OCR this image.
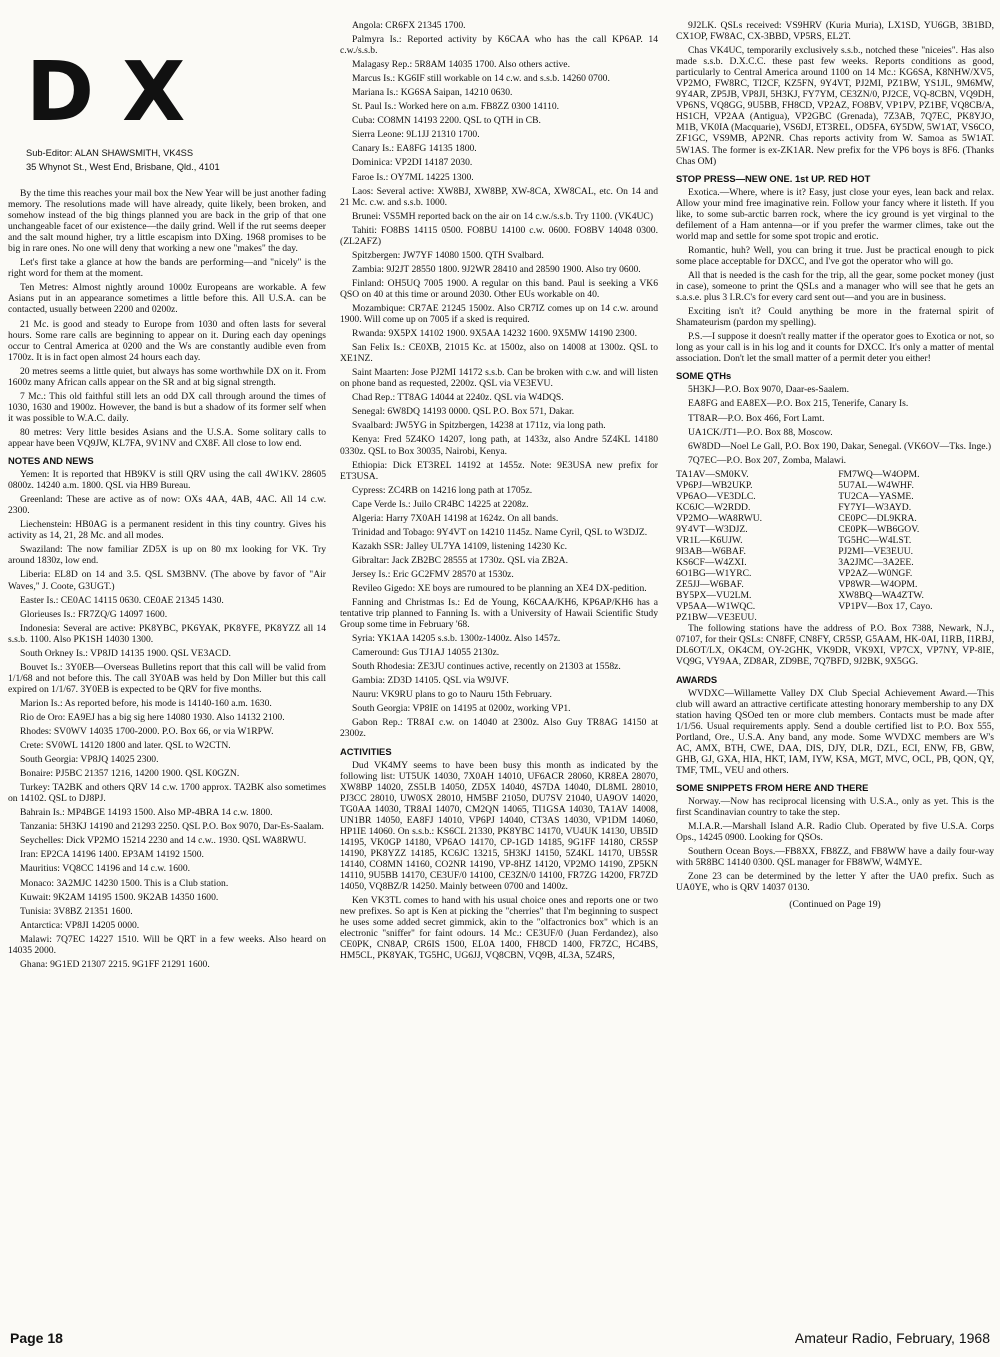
DX
Sub-Editor: ALAN SHAWSMITH, VK4SS
35 Whynot St., West End, Brisbane, Qld., 4101

By the time this reaches your mail box the New Year will be just another fading memory. The resolutions made will have already, quite likely, been broken, and somehow instead of the big things planned you are back in the grip of that one unchangeable facet of our existence—the daily grind. Well if the rut seems deeper and the salt mound higher, try a little escapism into DXing. 1968 promises to be big in rare ones. No one will deny that working a new one "makes" the day.

Let's first take a glance at how the bands are performing—and "nicely" is the right word for them at the moment.

Ten Metres: Almost nightly around 1000z Europeans are workable. A few Asians put in an appearance sometimes a little before this. All U.S.A. can be contacted, usually between 2200 and 0200z.

21 Mc. is good and steady to Europe from 1030 and often lasts for several hours. Some rare calls are beginning to appear on it. During each day openings occur to Central America at 0200 and the Ws are constantly audible even from 1700z. It is in fact open almost 24 hours each day.

20 metres seems a little quiet, but always has some worthwhile DX on it. From 1600z many African calls appear on the SR and at big signal strength.

7 Mc.: This old faithful still lets an odd DX call through around the times of 1030, 1630 and 1900z. However, the band is but a shadow of its former self when it was possible to W.A.C. daily.

80 metres: Very little besides Asians and the U.S.A. Some solitary calls to appear have been VQ9JW, KL7FA, 9V1NV and CX8F. All close to low end.

NOTES AND NEWS

Yemen: It is reported that HB9KV is still QRV using the call 4W1KV. 28605 0800z. 14240 a.m. 1800. QSL via HB9 Bureau.

Greenland: These are active as of now: OXs 4AA, 4AB, 4AC. All 14 c.w. 2300.

Liechenstein: HB0AG is a permanent resident in this tiny country. Gives his activity as 14, 21, 28 Mc. and all modes.

Swaziland: The now familiar ZD5X is up on 80 mx looking for VK. Try around 1830z, low end.

Liberia: EL8D on 14 and 3.5. QSL SM3BNV. (The above by favor of "Air Waves," J. Coote, G3UGT.)

Easter Is.: CE0AC 14115 0630. CE0AE 21345 1430.

Glorieuses Is.: FR7ZQ/G 14097 1600.

Indonesia: Several are active: PK8YBC, PK6YAK, PK8YFE, PK8YZZ all 14 s.s.b. 1100. Also PK1SH 14030 1300.

South Orkney Is.: VP8JD 14135 1900. QSL VE3ACD.

Bouvet Is.: 3Y0EB—Overseas Bulletins report that this call will be valid from 1/1/68 and not before this. The call 3Y0AB was held by Don Miller but this call expired on 1/1/67. 3Y0EB is expected to be QRV for five months.

Marion Is.: As reported before, his mode is 14140-160 a.m. 1630.

Rio de Oro: EA9EJ has a big sig here 14080 1930. Also 14132 2100.

Rhodes: SV0WV 14035 1700-2000. P.O. Box 66, or via W1RPW.

Crete: SV0WL 14120 1800 and later. QSL to W2CTN.

South Georgia: VP8JQ 14025 2300.

Bonaire: PJ5BC 21357 1216, 14200 1900. QSL K0GZN.

Turkey: TA2BK and others QRV 14 c.w. 1700 approx. TA2BK also sometimes on 14102. QSL to DJ8PJ.

Bahrain Is.: MP4BGE 14193 1500. Also MP-4BRA 14 c.w. 1800.

Tanzania: 5H3KJ 14190 and 21293 2250. QSL P.O. Box 9070, Dar-Es-Saalam.

Seychelles: Dick VP2MO 15214 2230 and 14 c.w.. 1930. QSL WA8RWU.

Iran: EP2CA 14196 1400. EP3AM 14192 1500.

Mauritius: VQ8CC 14196 and 14 c.w. 1600.

Monaco: 3A2MJC 14230 1500. This is a Club station.

Kuwait: 9K2AM 14195 1500. 9K2AB 14350 1600.

Tunisia: 3V8BZ 21351 1600.

Antarctica: VP8JI 14205 0000.

Malawi: 7Q7EC 14227 1510. Will be QRT in a few weeks. Also heard on 14035 2000.

Ghana: 9G1ED 21307 2215. 9G1FF 21291 1600.

Angola: CR6FX 21345 1700.

Palmyra Is.: Reported activity by K6CAA who has the call KP6AP. 14 c.w./s.s.b.

Malagasy Rep.: 5R8AM 14035 1700. Also others active.

Marcus Is.: KG6IF still workable on 14 c.w. and s.s.b. 14260 0700.

Mariana Is.: KG6SA Saipan, 14210 0630.

St. Paul Is.: Worked here on a.m. FB8ZZ 0300 14110.

Cuba: CO8MN 14193 2200. QSL to QTH in CB.

Sierra Leone: 9L1JJ 21310 1700.

Canary Is.: EA8FG 14135 1800.

Dominica: VP2DI 14187 2030.

Faroe Is.: OY7ML 14225 1300.

Laos: Several active: XW8BJ, XW8BP, XW-8CA, XW8CAL, etc. On 14 and 21 Mc. c.w. and s.s.b. 1000.

Brunei: VS5MH reported back on the air on 14 c.w./s.s.b. Try 1100. (VK4UC)

Tahiti: FO8BS 14115 0500. FO8BU 14100 c.w. 0600. FO8BV 14048 0300. (ZL2AFZ)

Spitzbergen: JW7YF 14080 1500. QTH Svalbard.

Zambia: 9J2JT 28550 1800. 9J2WR 28410 and 28590 1900. Also try 0600.

Finland: OH5UQ 7005 1900. A regular on this band. Paul is seeking a VK6 QSO on 40 at this time or around 2030. Other EUs workable on 40.

Mozambique: CR7AE 21245 1500z. Also CR7IZ comes up on 14 c.w. around 1900. Will come up on 7005 if a sked is required.

Rwanda: 9X5PX 14102 1900. 9X5AA 14232 1600. 9X5MW 14190 2300.

San Felix Is.: CE0XB, 21015 Kc. at 1500z, also on 14008 at 1300z. QSL to XE1NZ.

Saint Maarten: Jose PJ2MI 14172 s.s.b. Can be broken with c.w. and will listen on phone band as requested, 2200z. QSL via VE3EVU.

Chad Rep.: TT8AG 14044 at 2240z. QSL via W4DQS.

Senegal: 6W8DQ 14193 0000. QSL P.O. Box 571, Dakar.

Svaalbard: JW5YG in Spitzbergen, 14238 at 1711z, via long path.

Kenya: Fred 5Z4KO 14207, long path, at 1433z, also Andre 5Z4KL 14180 0330z. QSL to Box 30035, Nairobi, Kenya.

Ethiopia: Dick ET3REL 14192 at 1455z. Note: 9E3USA new prefix for ET3USA.

Cypress: ZC4RB on 14216 long path at 1705z.

Cape Verde Is.: Juilo CR4BC 14225 at 2208z.

Algeria: Harry 7X0AH 14198 at 1624z. On all bands.

Trinidad and Tobago: 9Y4VT on 14210 1145z. Name Cyril, QSL to W3DJZ.

Kazakh SSR: Jalley UL7YA 14109, listening 14230 Kc.

Gibraltar: Jack ZB2BC 28555 at 1730z. QSL via ZB2A.

Jersey Is.: Eric GC2FMV 28570 at 1530z.

Revileo Gigedo: XE boys are rumoured to be planning an XE4 DX-pedition.

Fanning and Christmas Is.: Ed de Young, K6CAA/KH6, KP6AP/KH6 has a tentative trip planned to Fanning Is. with a University of Hawaii Scientific Study Group some time in February '68.

Syria: YK1AA 14205 s.s.b. 1300z-1400z. Also 1457z.

Cameround: Gus TJ1AJ 14055 2130z.

South Rhodesia: ZE3JU continues active, recently on 21303 at 1558z.

Gambia: ZD3D 14105. QSL via W9JVF.

Nauru: VK9RU plans to go to Nauru 15th February.

South Georgia: VP8IE on 14195 at 0200z, working VP1.

Gabon Rep.: TR8AI c.w. on 14040 at 2300z. Also Guy TR8AG 14150 at 2300z.

ACTIVITIES

Dud VK4MY seems to have been busy this month as indicated by the following list: UT5UK 14030, 7X0AH 14010, UF6ACR 28060, KR8EA 28070, XW8BP 14020, ZS5LB 14050, ZD5X 14040, 4S7DA 14040, DL8ML 28010, PJ3CC 28010, UW0SX 28010, HM5BF 21050, DU7SV 21040, UA9OV 14020, TG0AA 14030, TR8AI 14070, CM2QN 14065, TI1GSA 14030, TA1AV 14008, UN1BR 14050, EA8FJ 14010, VP6PJ 14040, CT3AS 14030, VP1DM 14060, HP1IE 14060. On s.s.b.: KS6CL 21330, PK8YBC 14170, VU4UK 14130, UB5ID 14195, VK0GP 14180, VP6AO 14170, CP-1GD 14185, 9G1FF 14180, CR5SP 14190, PK8YZZ 14185, KC6JC 13215, 5H3KJ 14150, 5Z4KL 14170, UB5SR 14140, CO8MN 14160, CO2NR 14190, VP-8HZ 14120, VP2MO 14190, ZP5KN 14110, 9U5BB 14170, CE3UF/0 14100, CE3ZN/0 14100, FR7ZG 14200, FR7ZD 14050, VQ8BZ/R 14250. Mainly between 0700 and 1400z.

Ken VK3TL comes to hand with his usual choice ones and reports one or two new prefixes. So apt is Ken at picking the "cherries" that I'm beginning to suspect he uses some added secret gimmick, akin to the "olfactronics box" which is an electronic "sniffer" for faint odours. 14 Mc.: CE3UF/0 (Juan Ferdandez), also CE0PK, CN8AP, CR6IS 1500, EL0A 1400, FH8CD 1400, FR7ZC, HC4BS, HM5CL, PK8YAK, TG5HC, UG6JJ, VQ8CBN, VQ9B, 4L3A, 5Z4RS,

9J2LK. QSLs received: VS9HRV (Kuria Muria), LX1SD, YU6GB, 3B1BD, CX1OP, FW8AC, CX-3BBD, VP5RS, EL2T.

Chas VK4UC, temporarily exclusively s.s.b., notched these "niceies". Has also made s.s.b. D.X.C.C. these past few weeks. Reports conditions as good, particularly to Central America around 1100 on 14 Mc.: KG6SA, K8NHW/XV5, VP2MO, FW8RC, TI2CF, KZ5FN, 9Y4VT, PJ2MI, PZ1BW, YS1JL, 9M6MW, 9Y4AR, ZP5JB, VP8JI, 5H3KJ, FY7YM, CE3ZN/0, PJ2CE, VQ-8CBN, VQ9DH, VP6NS, VQ8GG, 9U5BB, FH8CD, VP2AZ, FO8BV, VP1PV, PZ1BF, VQ8CB/A, HS1CH, VP2AA (Antigua), VP2GBC (Grenada), 7Z3AB, 7Q7EC, PK8YJO, M1B, VK0IA (Macquarie), VS6DJ, ET3REL, OD5FA, 6Y5DW, 5W1AT, VS6CO, ZF1GC, VS9MB, AP2NR. Chas reports activity from W. Samoa as 5W1AT. 5W1AS. The former is ex-ZK1AR. New prefix for the VP6 boys is 8F6. (Thanks Chas OM)

STOP PRESS—NEW ONE. 1st UP. RED HOT

Exotica.—Where, where is it? Easy, just close your eyes, lean back and relax. Allow your mind free imaginative rein. Follow your fancy where it listeth. If you like, to some sub-arctic barren rock, where the icy ground is yet virginal to the defilement of a Ham antenna—or if you prefer the warmer climes, take out the world map and settle for some spot tropic and erotic.

Romantic, huh? Well, you can bring it true. Just be practical enough to pick some place acceptable for DXCC, and I've got the operator who will go.

All that is needed is the cash for the trip, all the gear, some pocket money (just in case), someone to print the QSLs and a manager who will see that he gets an s.a.s.e. plus 3 I.R.C's for every card sent out—and you are in business.

Exciting isn't it? Could anything be more in the fraternal spirit of Shamateurism (pardon my spelling).

P.S.—I suppose it doesn't really matter if the operator goes to Exotica or not, so long as your call is in his log and it counts for DXCC. It's only a matter of mental association. Don't let the small matter of a permit deter you either!

SOME QTHs

5H3KJ—P.O. Box 9070, Daar-es-Saalem.

EA8FG and EA8EX—P.O. Box 215, Tenerife, Canary Is.

TT8AR—P.O. Box 466, Fort Lamt.

UA1CK/JT1—P.O. Box 88, Moscow.

6W8DD—Noel Le Gall, P.O. Box 190, Dakar, Senegal. (VK6OV—Tks. Inge.)

7Q7EC—P.O. Box 207, Zomba, Malawi.

TA1AV—SM0KV.	FM7WQ—W4OPM.
VP6PJ—WB2UKP.	5U7AL—W4WHF.
VP6AO—VE3DLC.	TU2CA—YASME.
KC6JC—W2RDD.	FY7YI—W3AYD.
VP2MO—WA8RWU.	CE0PC—DL9KRA.
9Y4VT—W3DJZ.	CE0PK—WB6GOV.
VR1L—K6UJW.	TG5HC—W4LST.
9I3AB—W6BAF.	PJ2MI—VE3EUU.
KS6CF—W4ZXI.	3A2JMC—3A2EE.
6O1BG—W1YRC.	VP2AZ—W0NGF.
ZE5JJ—W6BAF.	VP8WR—W4OPM.
BY5PX—VU2LM.	XW8BQ—WA4ZTW.
VP5AA—W1WQC.	VP1PV—Box 17, Cayo.
PZ1BW—VE3EUU.

The following stations have the address of P.O. Box 7388, Newark, N.J., 07107, for their QSLs: CN8FF, CN8FY, CR5SP, G5AAM, HK-0AI, I1RB, I1RBJ, DL6OT/LX, OK4CM, OY-2GHK, VK9DR, VK9XI, VP7CX, VP7NY, VP-8IE, VQ9G, VY9AA, ZD8AR, ZD9BE, 7Q7BFD, 9J2BK, 9X5GG.

AWARDS

WVDXC—Willamette Valley DX Club Special Achievement Award.—This club will award an attractive certificate attesting honorary membership to any DX station having QSOed ten or more club members. Contacts must be made after 1/1/56. Usual requirements apply. Send a double certified list to P.O. Box 555, Portland, Ore., U.S.A. Any band, any mode. Some WVDXC members are W's AC, AMX, BTH, CWE, DAA, DIS, DJY, DLR, DZL, ECI, ENW, FB, GBW, GHB, GJ, GXA, HIA, HKT, IAM, IYW, KSA, MGT, MVC, OCL, PB, QON, QY, TMF, TML, VEU and others.

SOME SNIPPETS FROM HERE AND THERE

Norway.—Now has reciprocal licensing with U.S.A., only as yet. This is the first Scandinavian country to take the step.

M.I.A.R.—Marshall Island A.R. Radio Club. Operated by five U.S.A. Corps Ops., 14245 0900. Looking for QSOs.

Southern Ocean Boys.—FB8XX, FB8ZZ, and FB8WW have a daily four-way with 5R8BC 14140 0300. QSL manager for FB8WW, W4MYE.

Zone 23 can be determined by the letter Y after the UA0 prefix. Such as UA0YE, who is QRV 14037 0130.

(Continued on Page 19)

Page 18	Amateur Radio, February, 1968
